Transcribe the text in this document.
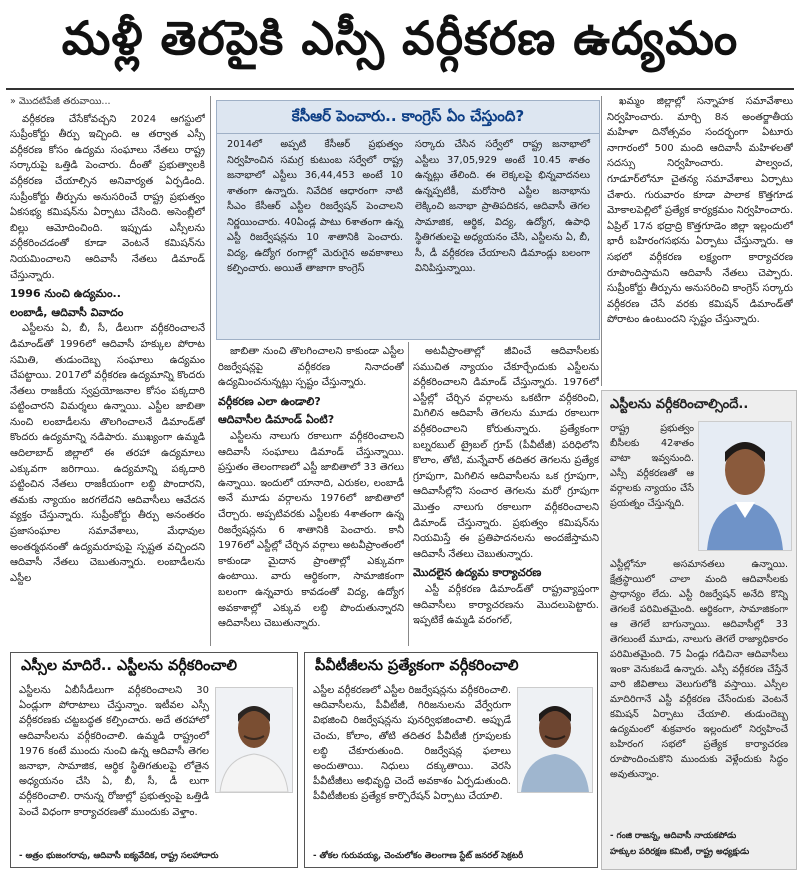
మళ్లీ తెరపైకి ఎస్సీ వర్గీకరణ ఉద్యమం
» మొదటిపేజీ తరువాయి...

వర్గీకరణ చేసేకోవచ్చని 2024 ఆగస్టులో సుప్రీంకోర్టు తీర్పు ఇచ్చింది. ఆ తర్వాత ఎస్సీ వర్గీకరణ కోసం ఉద్యమ సంఘాలు నేతలు రాష్ట్ర సర్కారుపై ఒత్తిడి పెంచారు. దీంతో ప్రభుత్వాలకి వర్గీకరణ చేయాల్సిన అనివార్యత ఏర్పడింది. సుప్రీంకోర్టు తీర్పును అనుసరించే రాష్ట్ర ప్రభుత్వం ఏకసభ్య కమిషన్‌ను ఏర్పాటు చేసింది. అసెంబ్లీలో బిల్లు ఆమోదించింది. ఇప్పుడు ఎస్సీలను వర్గీకరించడంతో కూడా వెంటనే కమిషన్‌ను నియమించాలని ఆదివాసీ నేతలు డిమాండ్ చేస్తున్నారు.

1996 నుంచి ఉద్యమం..
లంబాడీ, ఆదివాసీ వివాదం

ఎస్టీలను ఏ, బీ, సీ, డీలుగా వర్గీకరించాలనే డిమాండ్‌తో 1996లో ఆదివాసీ హక్కుల పోరాట సమితి, తుడుందెబ్బ సంఘాలు ఉద్యమం చేపట్టాయి. 2017లో వర్గీకరణ ఉద్యమాన్ని కొందరు నేతలు రాజకీయ స్వప్రయోజనాల కోసం పక్కదారి పట్టించారని విమర్శలు ఉన్నాయి. ఎస్టీల జాబితా నుంచి లంబాడీలను తొలగించాలనే డిమాండ్‌తో కొందరు ఉద్యమాన్ని నడిపారు. ముఖ్యంగా ఉమ్మడి ఆదిలాబాద్ జిల్లాలో ఈ తరహా ఉద్యమాలు ఎక్కువగా జరిగాయి. ఉద్యమాన్ని పక్కదారి పట్టించిన నేతలు రాజకీయంగా లబ్ధి పొందారని, తమకు న్యాయం జరగలేదని ఆదివాసీలు ఆవేదన వ్యక్తం చేస్తున్నారు. సుప్రీంకోర్టు తీర్పు అనంతరం ప్రజాసంఘాల సమావేశాలు, మేధావుల అంతర్మథనంతో ఉద్యమరూపుపై స్పష్టత వచ్చిందని ఆదివాసీ నేతలు చెబుతున్నారు. లంబాడీలను ఎస్టీల

కేసీఆర్ పెంచారు.. కాంగ్రెస్ ఏం చేస్తుంది?
2014లో అప్పటి కేసీఆర్ ప్రభుత్వం నిర్వహించిన సమగ్ర కుటుంబ సర్వేలో రాష్ట్ర జనాభాలో ఎస్టీలు 36,44,453 అంటే 10 శాతంగా ఉన్నారు. నివేదిక ఆధారంగా నాటి సీఎం కేసీఆర్ ఎస్టీల రిజర్వేషన్ పెంచాలని నిర్ణయించారు. 40ఏండ్ల పాటు 6శాతంగా ఉన్న ఎస్టీ రిజర్వేషన్లను 10 శాతానికి పెంచారు. విద్య, ఉద్యోగ రంగాల్లో మెరుగైన అవకాశాలు కల్పించారు. అయితే తాజాగా కాంగ్రెస్
సర్కారు చేసిన సర్వేలో రాష్ట్ర జనాభాలో ఎస్టీలు 37,05,929 అంటే 10.45 శాతం ఉన్నట్లు తేలింది. ఈ లెక్కలపై భిన్నవాదనలు ఉన్నప్పటికీ, మరోసారి ఎస్టీల జనాభాను లెక్కించి జనాభా ప్రాతిపదికన, ఆదివాసీ తెగల సామాజిక, ఆర్థిక, విద్య, ఉద్యోగ, ఉపాధి స్థితిగతులపై అధ్యయనం చేసి, ఎస్టీలను ఏ, బీ, సీ, డీ వర్గీకరణ చేయాలని డిమాండ్లు బలంగా వినిపిస్తున్నాయి.

జాబితా నుంచి తొలగించాలని కాకుండా ఎస్టీల రిజర్వేషన్లపై వర్గీకరణ నినాదంతో ఉద్యమించనున్నట్లు స్పష్టం చేస్తున్నారు.

వర్గీకరణ ఎలా ఉండాలి?
ఆదివాసీల డిమాండ్ ఏంటి?

ఎస్టీలను నాలుగు రకాలుగా వర్గీకరించాలని ఆదివాసీ సంఘాలు డిమాండ్ చేస్తున్నాయి. ప్రస్తుతం తెలంగాణలో ఎస్టీ జాబితాలో 33 తెగలు ఉన్నాయి. ఇందులో యానాది, ఎరుకల, లంబాడీ అనే మూడు వర్గాలను 1976లో జాబితాలో చేర్చారు. అప్పటివరకు ఎస్టీలకు 4శాతంగా ఉన్న రిజర్వేషన్లను 6 శాతానికి పెంచారు. కానీ 1976లో ఎస్టీల్లో చేర్చిన వర్గాలు అటవీప్రాంతంలో కాకుండా మైదాన ప్రాంతాల్లో ఎక్కువగా ఉంటాయి. వారు ఆర్థికంగా, సామాజికంగా బలంగా ఉన్నవారు కావడంతో విద్య, ఉద్యోగ అవకాశాల్లో ఎక్కువ లబ్ధి పొందుతున్నారని ఆదివాసీలు చెబుతున్నారు.

అటవీప్రాంతాల్లో జీవించే ఆదివాసీలకు సముచిత న్యాయం చేకూర్చేందుకు ఎస్టీలను వర్గీకరించాలని డిమాండ్ చేస్తున్నారు. 1976లో ఎస్టీల్లో చేర్చిన వర్గాలను ఒకటిగా వర్గీకరించి, మిగిలిన ఆదివాసీ తెగలను మూడు రకాలుగా వర్గీకరించాలని కోరుతున్నారు. ప్రత్యేకంగా బల్నరబుల్ ట్రైబల్ గ్రూప్ (పీవీటీజీ) పరిధిలోని కొలాం, తోటి, మన్నేవార్ తదితర తెగలను ప్రత్యేక గ్రూపుగా, మిగిలిన ఆదివాసీలను ఒక గ్రూపుగా, ఆదివాసీల్లోని సంచార తెగలను మరో గ్రూపుగా మొత్తం నాలుగు రకాలుగా వర్గీకరించాలని డిమాండ్ చేస్తున్నారు. ప్రభుత్వం కమిషన్‌ను నియమిస్తే ఈ ప్రతిపాదనలను అందజేస్తామని ఆదివాసీ నేతలు చెబుతున్నారు.

మొదలైన ఉద్యమ కార్యాచరణ

ఎస్టీ వర్గీకరణ డిమాండ్‌తో రాష్ట్రవ్యాప్తంగా ఆదివాసీలు కార్యాచరణను మొదలుపెట్టారు. ఇప్పటికే ఉమ్మడి వరంగల్,

ఖమ్మం జిల్లాల్లో సన్నాహక సమావేశాలు నిర్వహించారు. మార్చి 8న అంతర్జాతీయ మహిళా దినోత్సవం సందర్భంగా ఏటూరు నాగారంలో 500 మంది ఆదివాసీ మహిళలతో సదస్సు నిర్వహించారు. పాల్వంచ, గూడూర్‌లోనూ చైతన్య సమావేశాలు ఏర్పాటు చేశారు. గురువారం కూడా పాలాక కొత్తగూడ మోకాలపెల్లిలో ప్రత్యేక కార్యక్రమం నిర్వహించారు. ఏప్రిల్ 17న భద్రాద్రి కొత్తగూడెం జిల్లా ఇల్లందులో భారీ బహిరంగసభను ఏర్పాటు చేస్తున్నారు. ఆ సభలో వర్గీకరణ లక్ష్యంగా కార్యాచరణ రూపొందిస్తామని ఆదివాసీ నేతలు చెప్పారు. సుప్రీంకోర్టు తీర్పును అనుసరించి కాంగ్రెస్ సర్కారు వర్గీకరణ చేసే వరకు కమిషన్ డిమాండ్‌తో పోరాటం ఉంటుందని స్పష్టం చేస్తున్నారు.

ఎస్టీలను వర్గీకరించాల్సిందే..
రాష్ట్ర ప్రభుత్వం బీసీలకు 42శాతం వాటా ఇవ్వనుంది. ఎస్సీ వర్గీకరణతో ఆ వర్గాలకు న్యాయం చేసే ప్రయత్నం చేస్తున్నది.
ఎస్టీల్లోనూ అసమానతలు ఉన్నాయి. క్షేత్రస్థాయిలో చాలా మంది ఆదివాసీలకు ప్రాధాన్యం లేదు. ఎస్టీ రిజర్వేషన్ అనేది కొన్ని తెగలకే పరిమితమైంది. ఆర్థికంగా, సామాజికంగా ఆ తెగలే బాగున్నాయి. ఆదివాసీల్లో 33 తెగలుంటే మూడు, నాలుగు తెగలే రాజ్యాధికారం పరిమితమైంది. 75 ఏండ్లు గడిచినా ఆదివాసీలు ఇంకా వెనుకబడే ఉన్నారు. ఎస్సీ వర్గీకరణ చేస్తేనే వారి జీవితాలు వెలుగులోకి వస్తాయి. ఎస్సీల మాదిరిగానే ఎస్టీ వర్గీకరణ చేసేందుకు వెంటనే కమిషన్ ఏర్పాటు చేయాలి. తుడుందెబ్బ ఉద్యమంలో శుక్రవారం ఇల్లందులో నిర్వహించే బహిరంగ సభలో ప్రత్యేక కార్యాచరణ రూపొందించుకొని ముందుకు వెళ్లేందుకు సిద్ధం అవుతున్నాం.
- గంజి రాజన్న, ఆదివాసీ నాయకపోడు
హక్కుల పరిరక్షణ కమిటీ, రాష్ట్ర అధ్యక్షుడు
ఎస్సీల మాదిరే.. ఎస్టీలను వర్గీకరించాలి
ఎస్టీలను ఏబీసీడీలుగా వర్గీకరించాలని 30 ఏండ్లుగా పోరాటాలు చేస్తున్నాం. ఇటీవల ఎస్సీ వర్గీకరణకు చట్టబద్ధత కల్పించారు. అదే తరహాలో ఆదివాసీలను వర్గీకరించాలి. ఉమ్మడి రాష్ట్రంలో 1976 కంటే ముందు నుంచి ఉన్న ఆదివాసీ తెగల జనాభా, సామాజిక, ఆర్థిక స్థితిగతులపై లోతైన అధ్యయనం చేసి ఏ, బీ, సీ, డీ లుగా వర్గీకరించాలి. రానున్న రోజుల్లో ప్రభుత్వంపై ఒత్తిడి పెంచే విధంగా కార్యాచరణతో ముందుకు వెళ్తాం.
- అత్రం భుజంగరావు, ఆదివాసీ ఐక్యవేదిక, రాష్ట్ర సలహాదారు
పీవీటీజీలను ప్రత్యేకంగా వర్గీకరించాలి
ఎస్టీల వర్గీకరణలో ఎస్టీల రిజర్వేషన్లను వర్గీకరించాలి. ఆదివాసీలను, పీవీటీజీ, గిరిజనులను వేర్వేరుగా విభజించి రిజర్వేషన్లను పునర్విభజించాలి. అప్పుడే చెంచు, కోలాం, తోటి తదితర పీవీటీజీ గ్రూపులకు లబ్ధి చేకూరుతుంది. రిజర్వేషన్ల ఫలాలు అందుతాయి. నిధులు దక్కుతాయి. వెరసి పీవీటీజీలు అభివృద్ధి చెందే అవకాశం ఏర్పడుతుంది. పీవీటీజీలకు ప్రత్యేక కార్పొరేషన్ ఏర్పాటు చేయాలి.
- తోకల గురువయ్య, చెంచులోకం తెలంగాణ స్టేట్ జనరల్ సెక్రటరీ
